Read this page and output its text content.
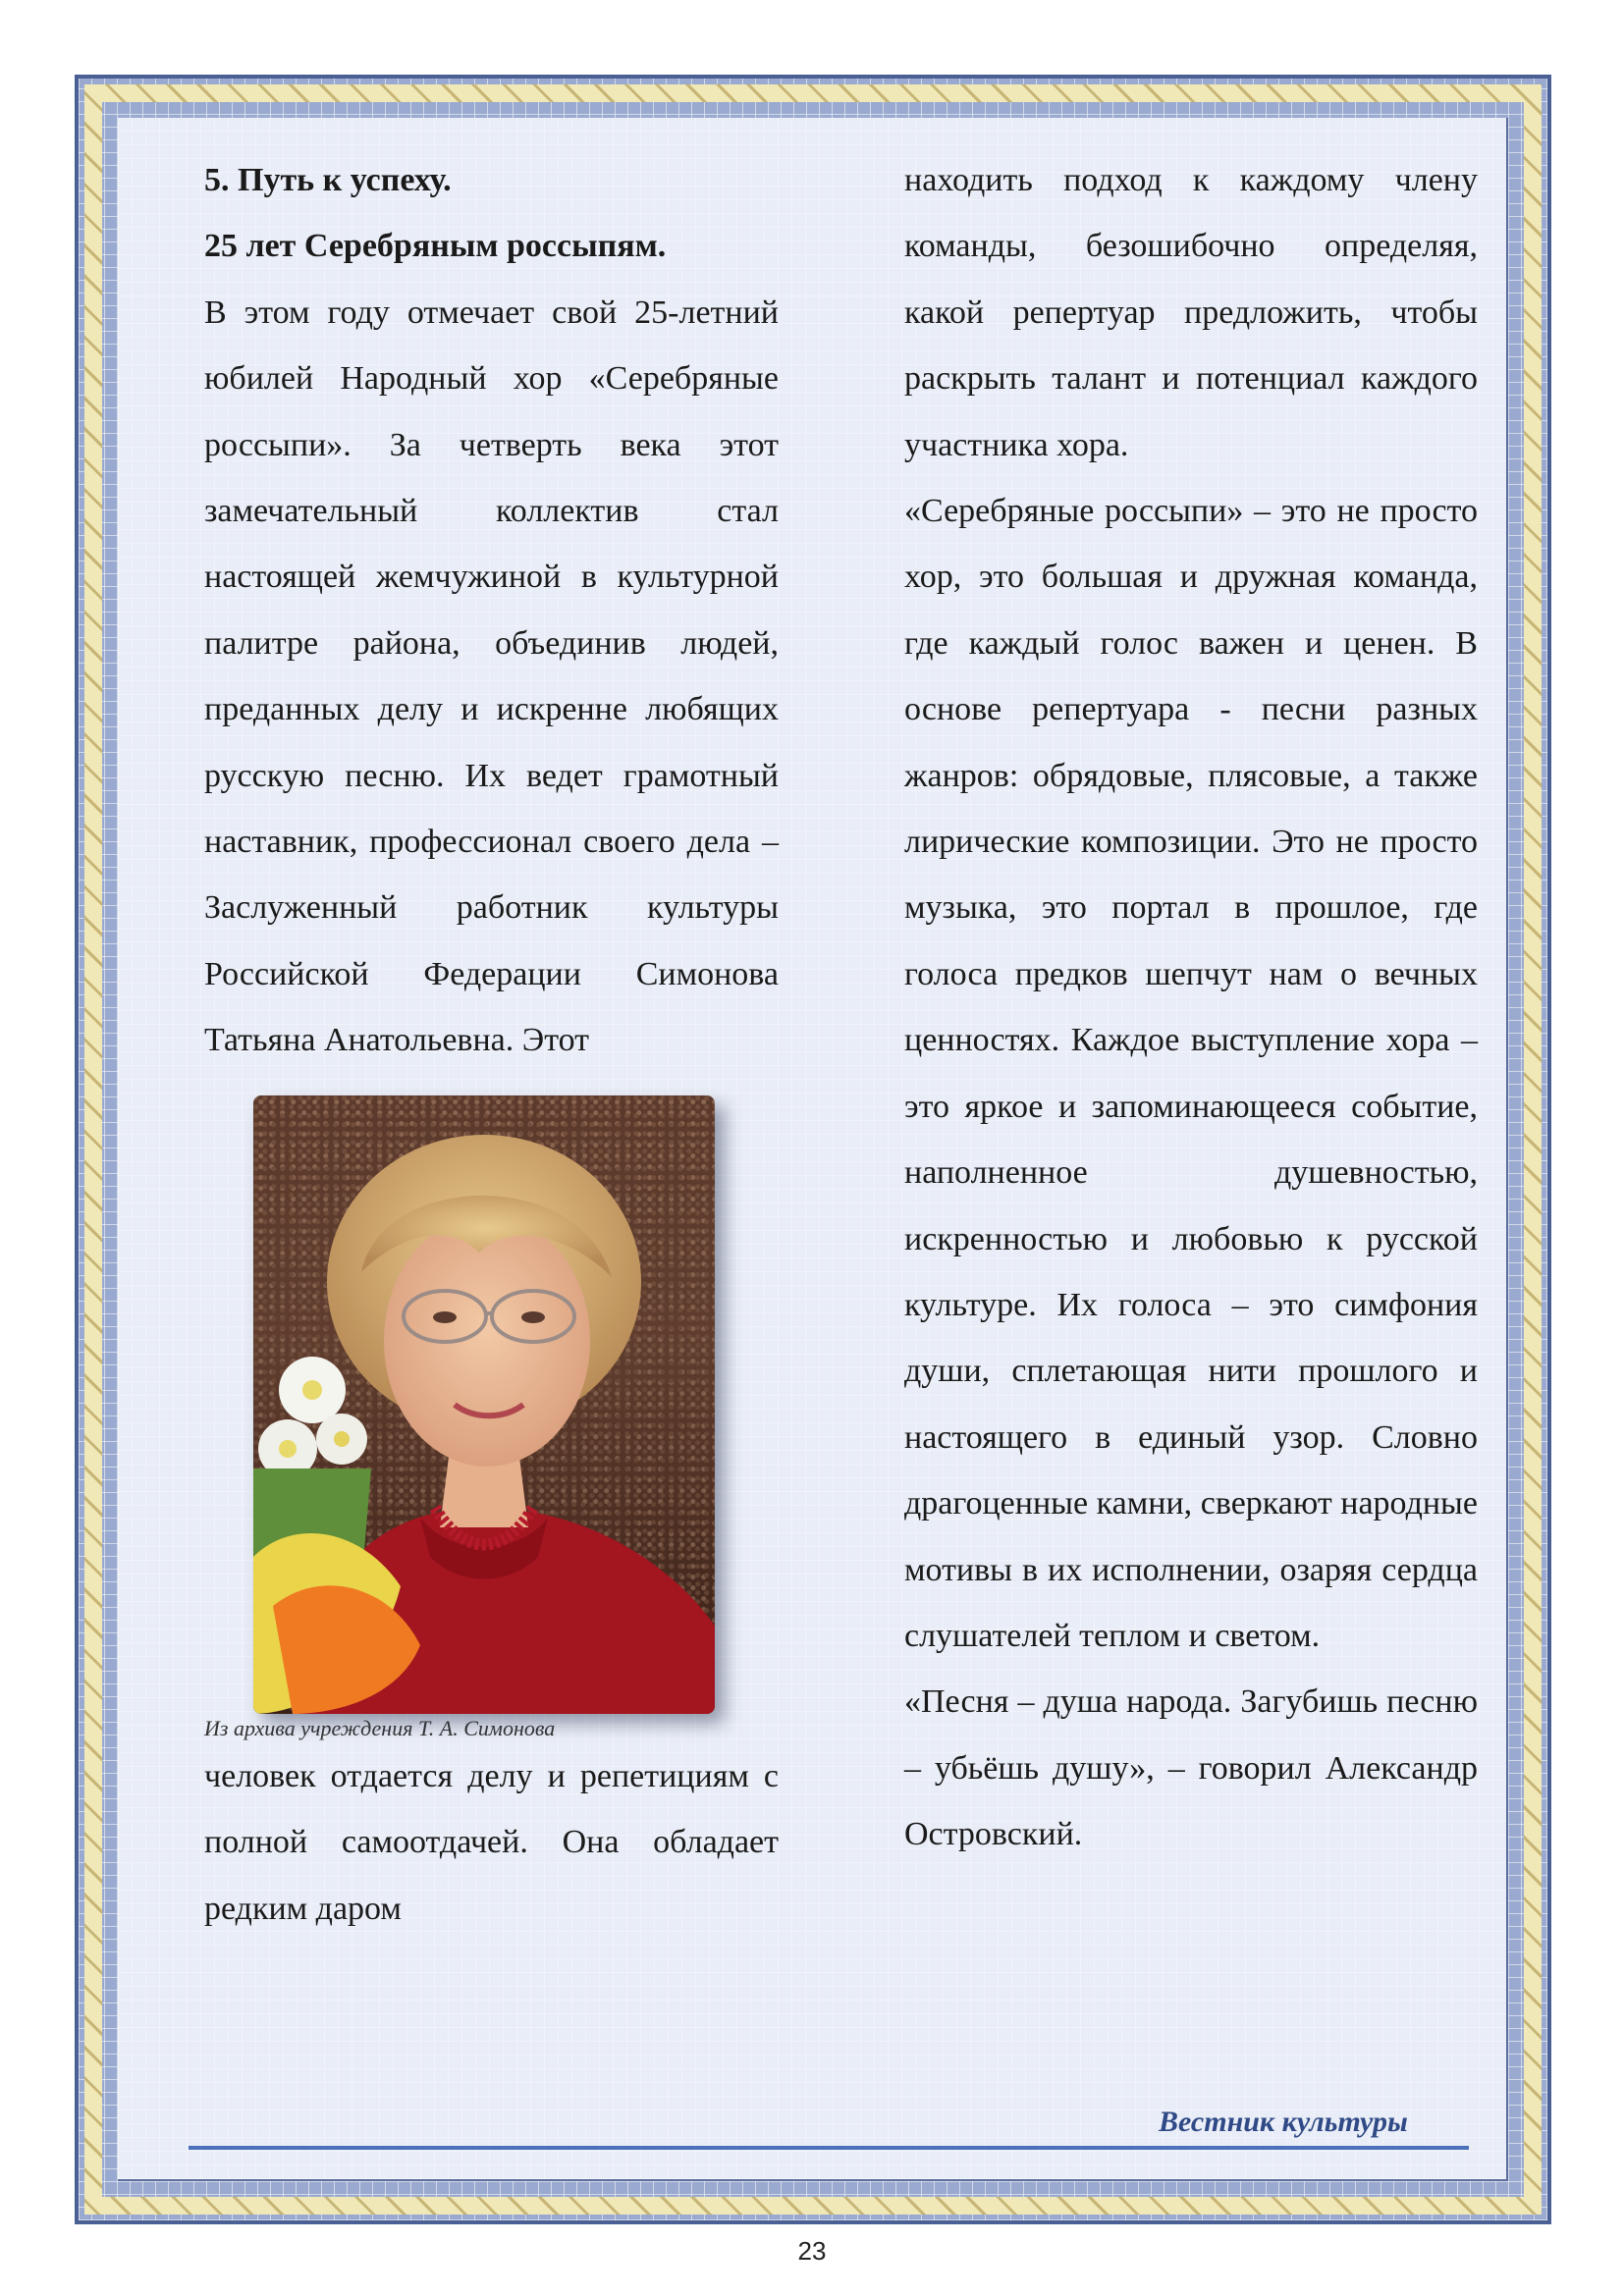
5. Путь к успеху.

25 лет Серебряным россыпям.

В этом году отмечает свой 25-летний юбилей Народный хор «Серебряные россыпи». За четверть века этот замечательный коллектив стал настоящей жемчужиной в культурной палитре района, объединив людей, преданных делу и искренне любящих русскую песню. Их ведет грамотный наставник, профессионал своего дела – Заслуженный работник культуры Российской Федерации Симонова Татьяна Анатольевна. Этот

Из архива учреждения Т. А. Симонова

человек отдается делу и репетициям с полной самоотдачей. Она обладает редким даром

находить подход к каждому члену команды, безошибочно определяя, какой репертуар предложить, чтобы раскрыть талант и потенциал каждого участника хора.

«Серебряные россыпи» – это не просто хор, это большая и дружная команда, где каждый голос важен и ценен. В основе репертуара - песни разных жанров: обрядовые, плясовые, а также лирические композиции. Это не просто музыка, это портал в прошлое, где голоса предков шепчут нам о вечных ценностях. Каждое выступление хора – это яркое и запоминающееся событие, наполненное душевностью, искренностью и любовью к русской культуре. Их голоса – это симфония души, сплетающая нити прошлого и настоящего в единый узор. Словно драгоценные камни, сверкают народные мотивы в их исполнении, озаряя сердца слушателей теплом и светом.

«Песня – душа народа. Загубишь песню – убьёшь душу», – говорил Александр Островский.

Вестник культуры
23
